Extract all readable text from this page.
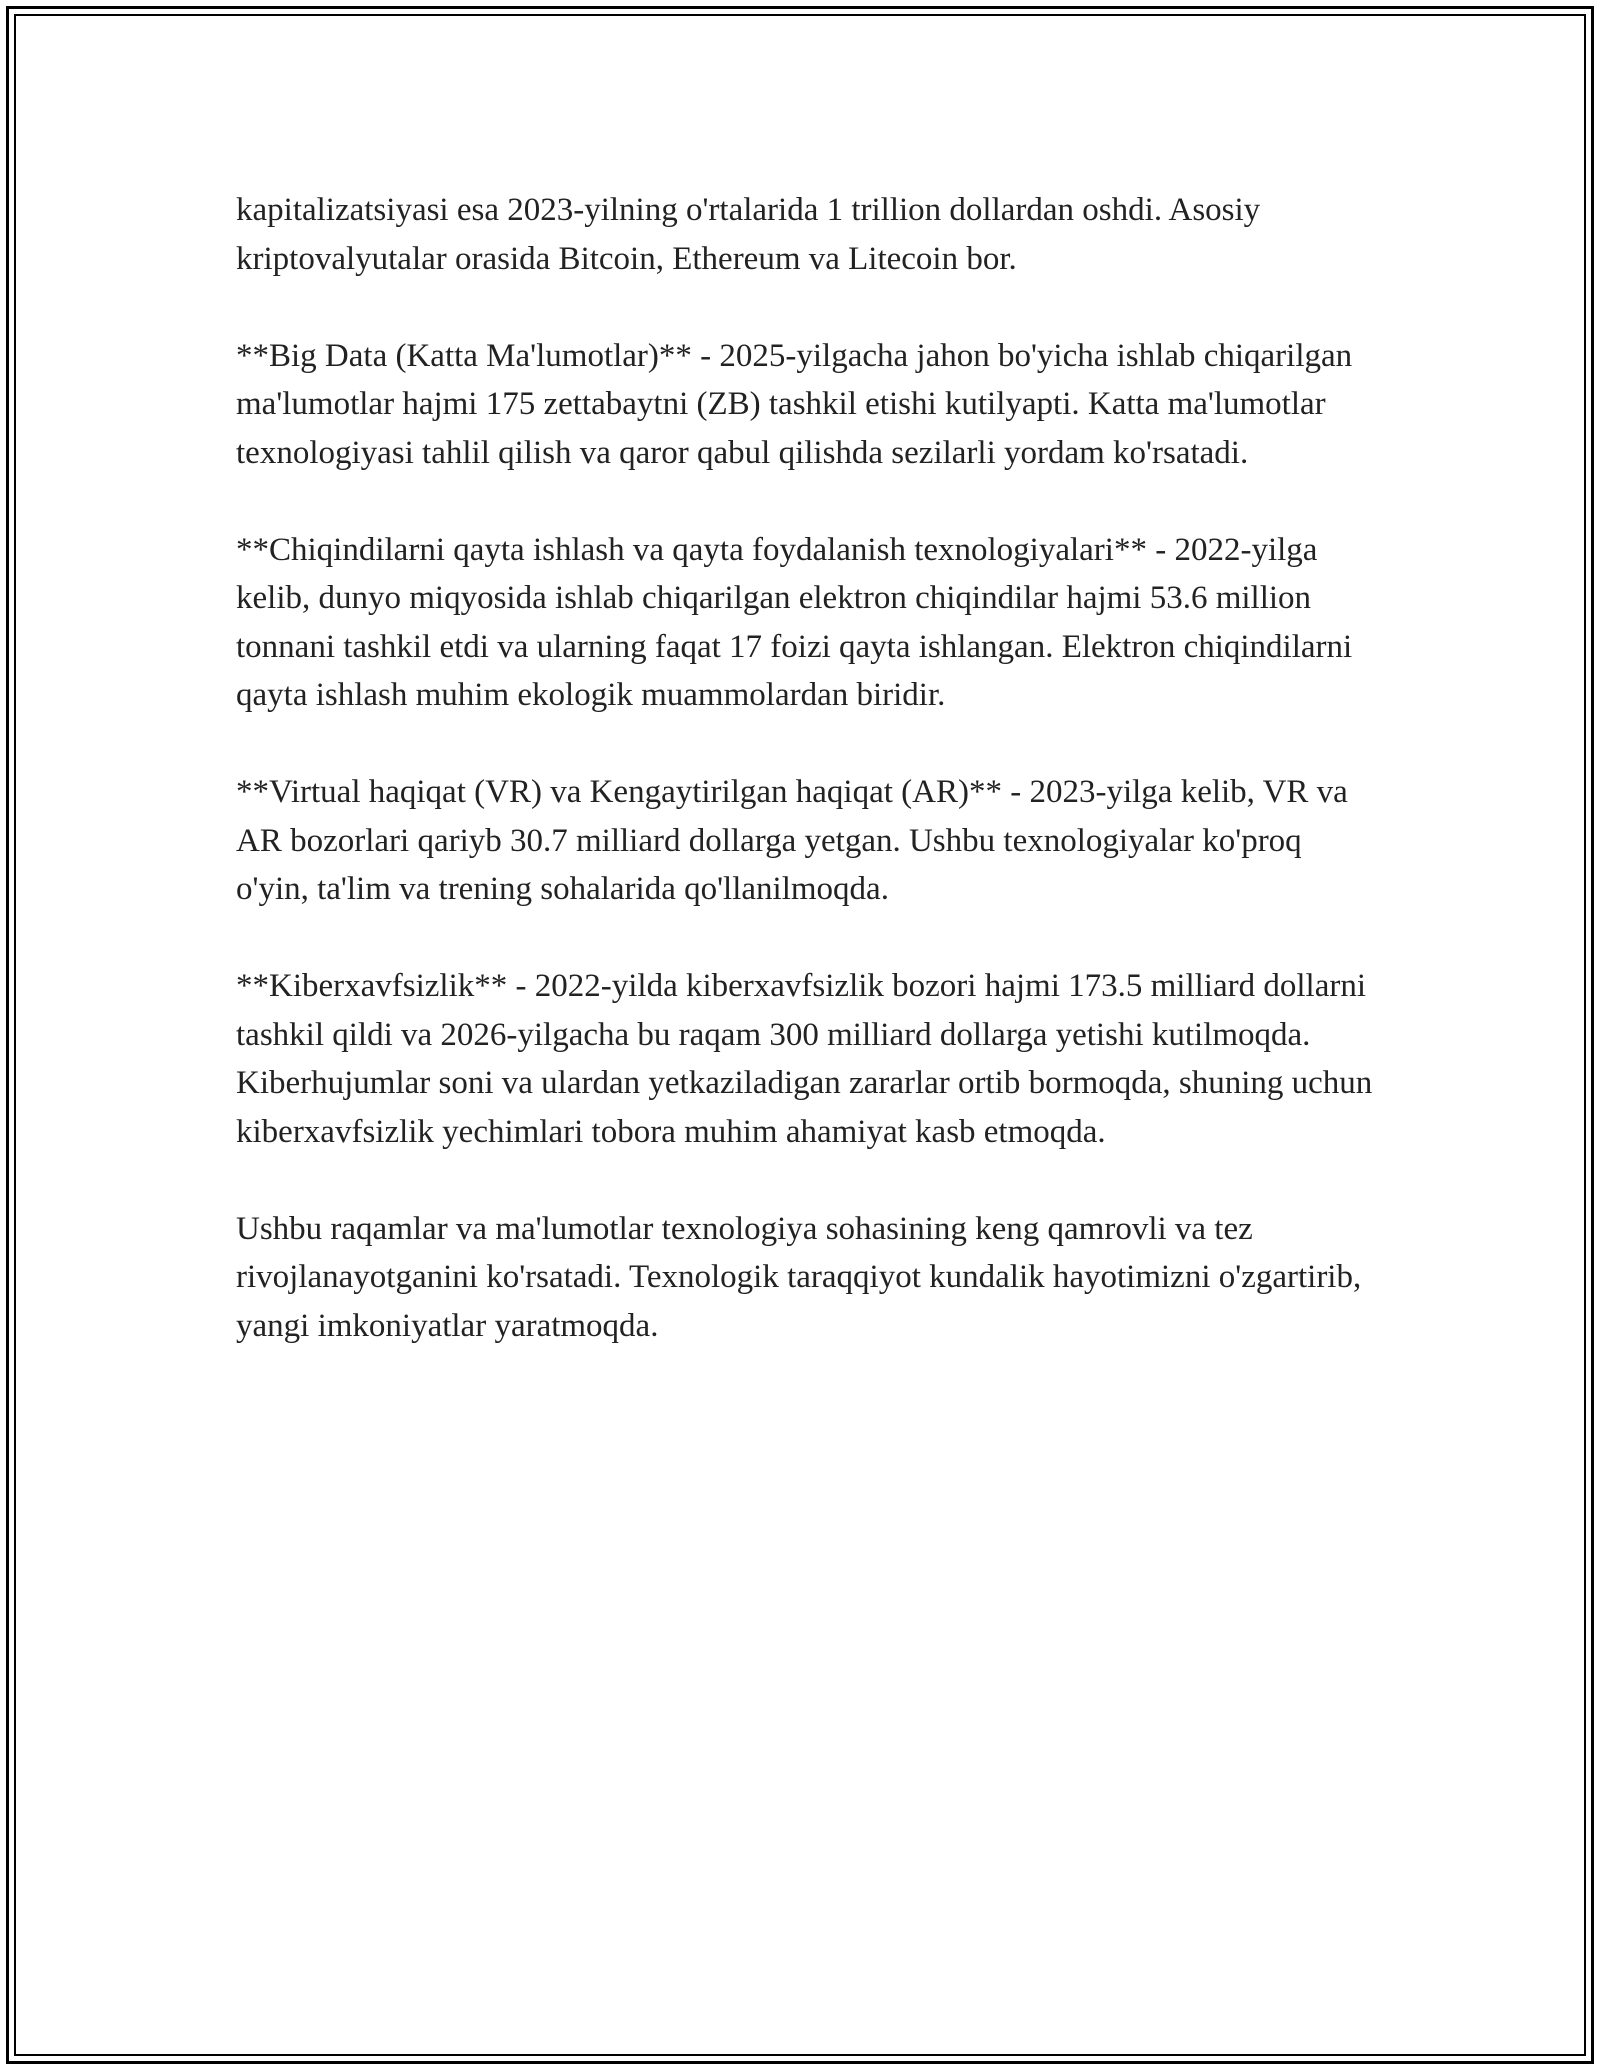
kapitalizatsiyasi esa 2023-yilning o'rtalarida 1 trillion dollardan oshdi. Asosiy kriptovalyutalar orasida Bitcoin, Ethereum va Litecoin bor.

**Big Data (Katta Ma'lumotlar)** - 2025-yilgacha jahon bo'yicha ishlab chiqarilgan ma'lumotlar hajmi 175 zettabaytni (ZB) tashkil etishi kutilyapti. Katta ma'lumotlar texnologiyasi tahlil qilish va qaror qabul qilishda sezilarli yordam ko'rsatadi.

**Chiqindilarni qayta ishlash va qayta foydalanish texnologiyalari** - 2022-yilga kelib, dunyo miqyosida ishlab chiqarilgan elektron chiqindilar hajmi 53.6 million tonnani tashkil etdi va ularning faqat 17 foizi qayta ishlangan. Elektron chiqindilarni qayta ishlash muhim ekologik muammolardan biridir.

**Virtual haqiqat (VR) va Kengaytirilgan haqiqat (AR)** - 2023-yilga kelib, VR va AR bozorlari qariyb 30.7 milliard dollarga yetgan. Ushbu texnologiyalar ko'proq o'yin, ta'lim va trening sohalarida qo'llanilmoqda.

**Kiberxavfsizlik** - 2022-yilda kiberxavfsizlik bozori hajmi 173.5 milliard dollarni tashkil qildi va 2026-yilgacha bu raqam 300 milliard dollarga yetishi kutilmoqda. Kiberhujumlar soni va ulardan yetkaziladigan zararlar ortib bormoqda, shuning uchun kiberxavfsizlik yechimlari tobora muhim ahamiyat kasb etmoqda.

Ushbu raqamlar va ma'lumotlar texnologiya sohasining keng qamrovli va tez rivojlanayotganini ko'rsatadi. Texnologik taraqqiyot kundalik hayotimizni o'zgartirib, yangi imkoniyatlar yaratmoqda.
